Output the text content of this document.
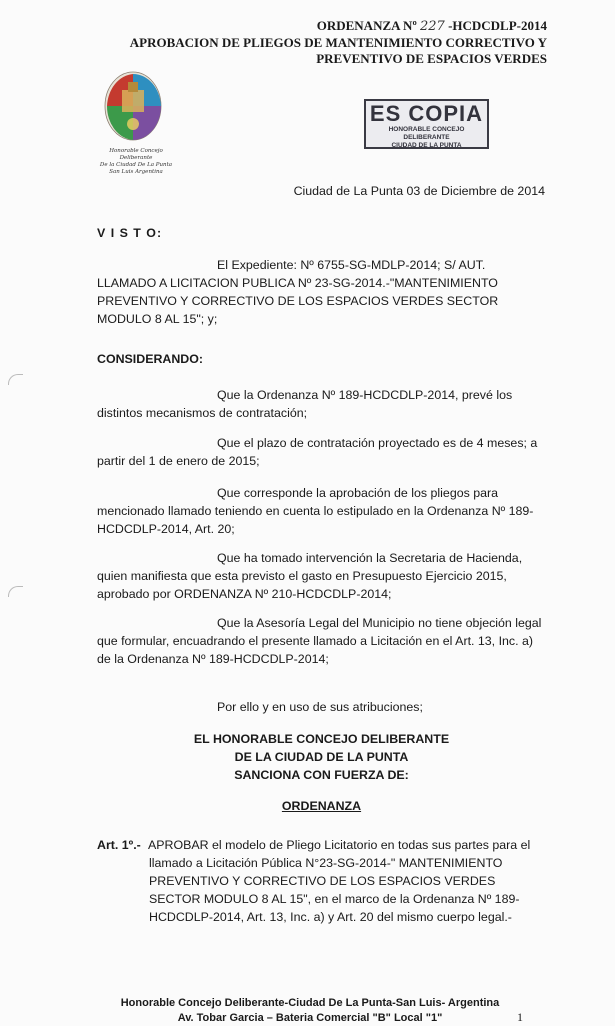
ORDENANZA Nº 227 -HCDCDLP-2014
APROBACION DE PLIEGOS DE MANTENIMIENTO CORRECTIVO Y
PREVENTIVO DE ESPACIOS VERDES
Honorable Concejo Deliberante
De la Ciudad De La Punta
San Luis Argentina
ES COPIA
HONORABLE CONCEJO DELIBERANTE
CIUDAD DE LA PUNTA
Ciudad de La Punta 03 de Diciembre de 2014
V I S T O:
El Expediente: Nº 6755-SG-MDLP-2014; S/ AUT.
LLAMADO A LICITACION PUBLICA Nº 23-SG-2014.-"MANTENIMIENTO
PREVENTIVO Y CORRECTIVO DE LOS ESPACIOS VERDES SECTOR
MODULO 8 AL 15"; y;
CONSIDERANDO:
Que la Ordenanza Nº 189-HCDCDLP-2014, prevé los
distintos mecanismos de contratación;
Que el plazo de contratación proyectado es de 4 meses; a
partir del 1 de enero de 2015;
Que corresponde la aprobación de los pliegos para
mencionado llamado teniendo en cuenta lo estipulado en la Ordenanza Nº 189-
HCDCDLP-2014, Art. 20;
Que ha tomado intervención la Secretaria de Hacienda,
quien manifiesta que esta previsto el gasto en Presupuesto Ejercicio 2015,
aprobado por ORDENANZA Nº 210-HCDCDLP-2014;
Que la Asesoría Legal del Municipio no tiene objeción legal
que formular, encuadrando el presente llamado a Licitación en el Art. 13, Inc. a)
de la Ordenanza Nº 189-HCDCDLP-2014;
Por ello y en uso de sus atribuciones;
EL HONORABLE CONCEJO DELIBERANTE
DE LA CIUDAD DE LA PUNTA
SANCIONA CON FUERZA DE:
ORDENANZA
Art. 1º.- APROBAR el modelo de Pliego Licitatorio en todas sus partes para el
llamado a Licitación Pública N°23-SG-2014-" MANTENIMIENTO
PREVENTIVO Y CORRECTIVO DE LOS ESPACIOS VERDES
SECTOR MODULO 8 AL 15", en el marco de la Ordenanza Nº 189-
HCDCDLP-2014, Art. 13, Inc. a) y Art. 20 del mismo cuerpo legal.-
Honorable Concejo Deliberante-Ciudad De La Punta-San Luis- Argentina
Av. Tobar Garcia – Bateria Comercial "B" Local "1"	1
